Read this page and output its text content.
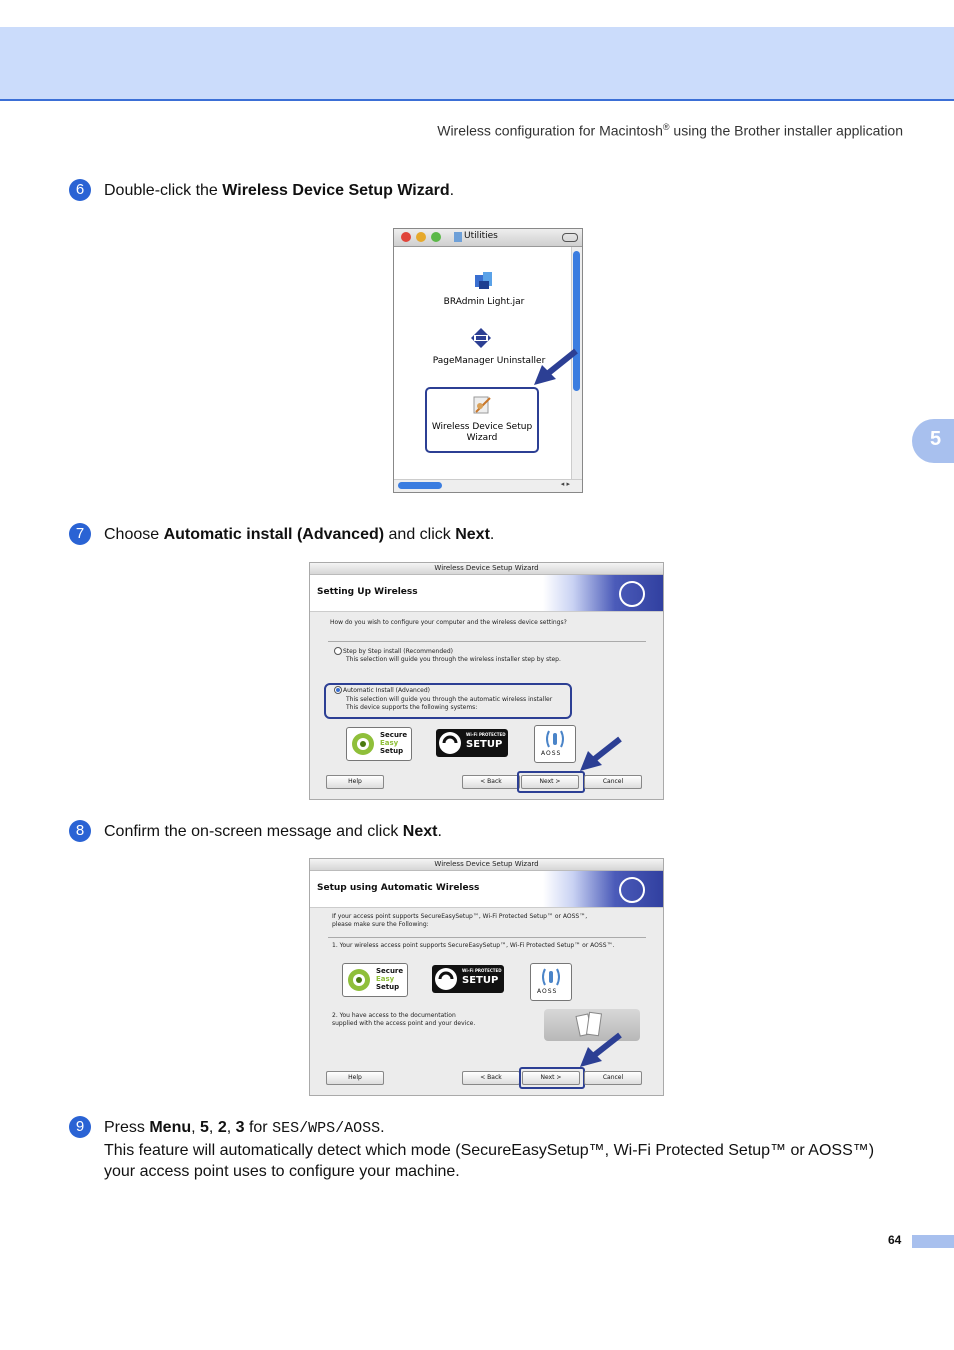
Wireless configuration for Macintosh® using the Brother installer application
5
6	Double-click the Wireless Device Setup Wizard.
Utilities
◂ ▸
BRAdmin Light.jar
PageManager Uninstaller
Wireless Device Setup
Wizard
7	Choose Automatic install (Advanced) and click Next.
Wireless Device Setup Wizard
Setting Up Wireless
How do you wish to configure your computer and the wireless device settings?
Step by Step install (Recommended)
This selection will guide you through the wireless installer step by step.
Automatic Install (Advanced)
This selection will guide you through the automatic wireless installer
This device supports the following systems:
Secure
Easy
Setup
Wi-Fi PROTECTED
SETUP
AOSS
Help	< Back	Next >	Cancel
8	Confirm the on-screen message and click Next.
Wireless Device Setup Wizard
Setup using Automatic Wireless
If your access point supports SecureEasySetup™, Wi-Fi Protected Setup™ or AOSS™,
please make sure the Following:
1. Your wireless access point supports SecureEasySetup™, Wi-Fi Protected Setup™ or AOSS™.
Secure
Easy
Setup
Wi-Fi PROTECTED
SETUP
AOSS
2. You have access to the documentation
supplied with the access point and your device.
Help	< Back	Next >	Cancel
9	Press Menu, 5, 2, 3 for SES/WPS/AOSS.
This feature will automatically detect which mode (SecureEasySetup™, Wi-Fi Protected Setup™ or AOSS™) your access point uses to configure your machine.
64
